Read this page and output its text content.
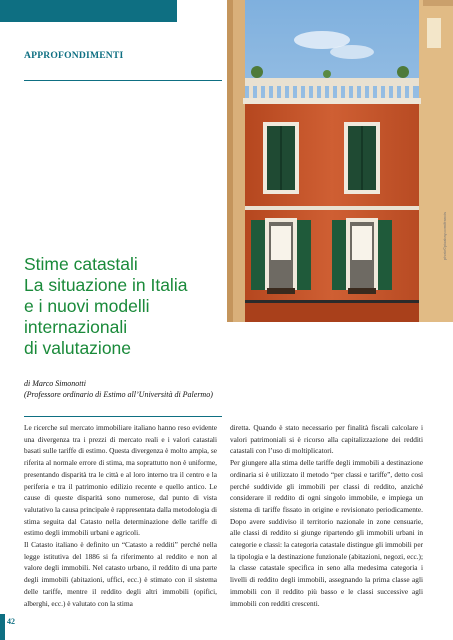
APPROFONDIMENTI
Stime catastali
La situazione in Italia
e i nuovi modelli
internazionali
di valutazione
di Marco Simonotti
(Professore ordinario di Estimo all’Università di Palermo)
photo©pixabay.com/francis

Le ricerche sul mercato immobiliare italiano hanno reso evidente una divergenza tra i prezzi di mercato reali e i valori catastali basati sulle tariffe di estimo. Questa divergenza è molto ampia, se riferita al normale errore di stima, ma soprattutto non è uniforme, presentando disparità tra le città e al loro interno tra il centro e la periferia e tra il patrimonio edilizio recente e quello antico. Le cause di queste disparità sono numerose, dal punto di vista valutativo la causa principale è rappresentata dalla metodologia di stima seguita dal Catasto nella determinazione delle tariffe di estimo degli immobili urbani e agricoli.

Il Catasto italiano è definito un “Catasto a redditi” perché nella legge istitutiva del 1886 si fa riferimento al reddito e non al valore degli immobili. Nel catasto urbano, il reddito di una parte degli immobili (abitazioni, uffici, ecc.) è stimato con il sistema delle tariffe, mentre il reddito degli altri immobili (opifici, alberghi, ecc.) è valutato con la stima

diretta. Quando è stato necessario per finalità fiscali calcolare i valori patrimoniali si è ricorso alla capitalizzazione dei redditi catastali con l’uso di moltiplicatori.

Per giungere alla stima delle tariffe degli immobili a destinazione ordinaria si è utilizzato il metodo “per classi e tariffe”, detto così perché suddivide gli immobili per classi di reddito, anziché considerare il reddito di ogni singolo immobile, e impiega un sistema di tariffe fissato in origine e revisionato periodicamente. Dopo avere suddiviso il territorio nazionale in zone censuarie, alle classi di reddito si giunge ripartendo gli immobili urbani in categorie e classi: la categoria catastale distingue gli immobili per la tipologia e la destinazione funzionale (abitazioni, negozi, ecc.); la classe catastale specifica in seno alla medesima categoria i livelli di reddito degli immobili, assegnando la prima classe agli immobili con il reddito più basso e le classi successive agli immobili con redditi crescenti.

42
